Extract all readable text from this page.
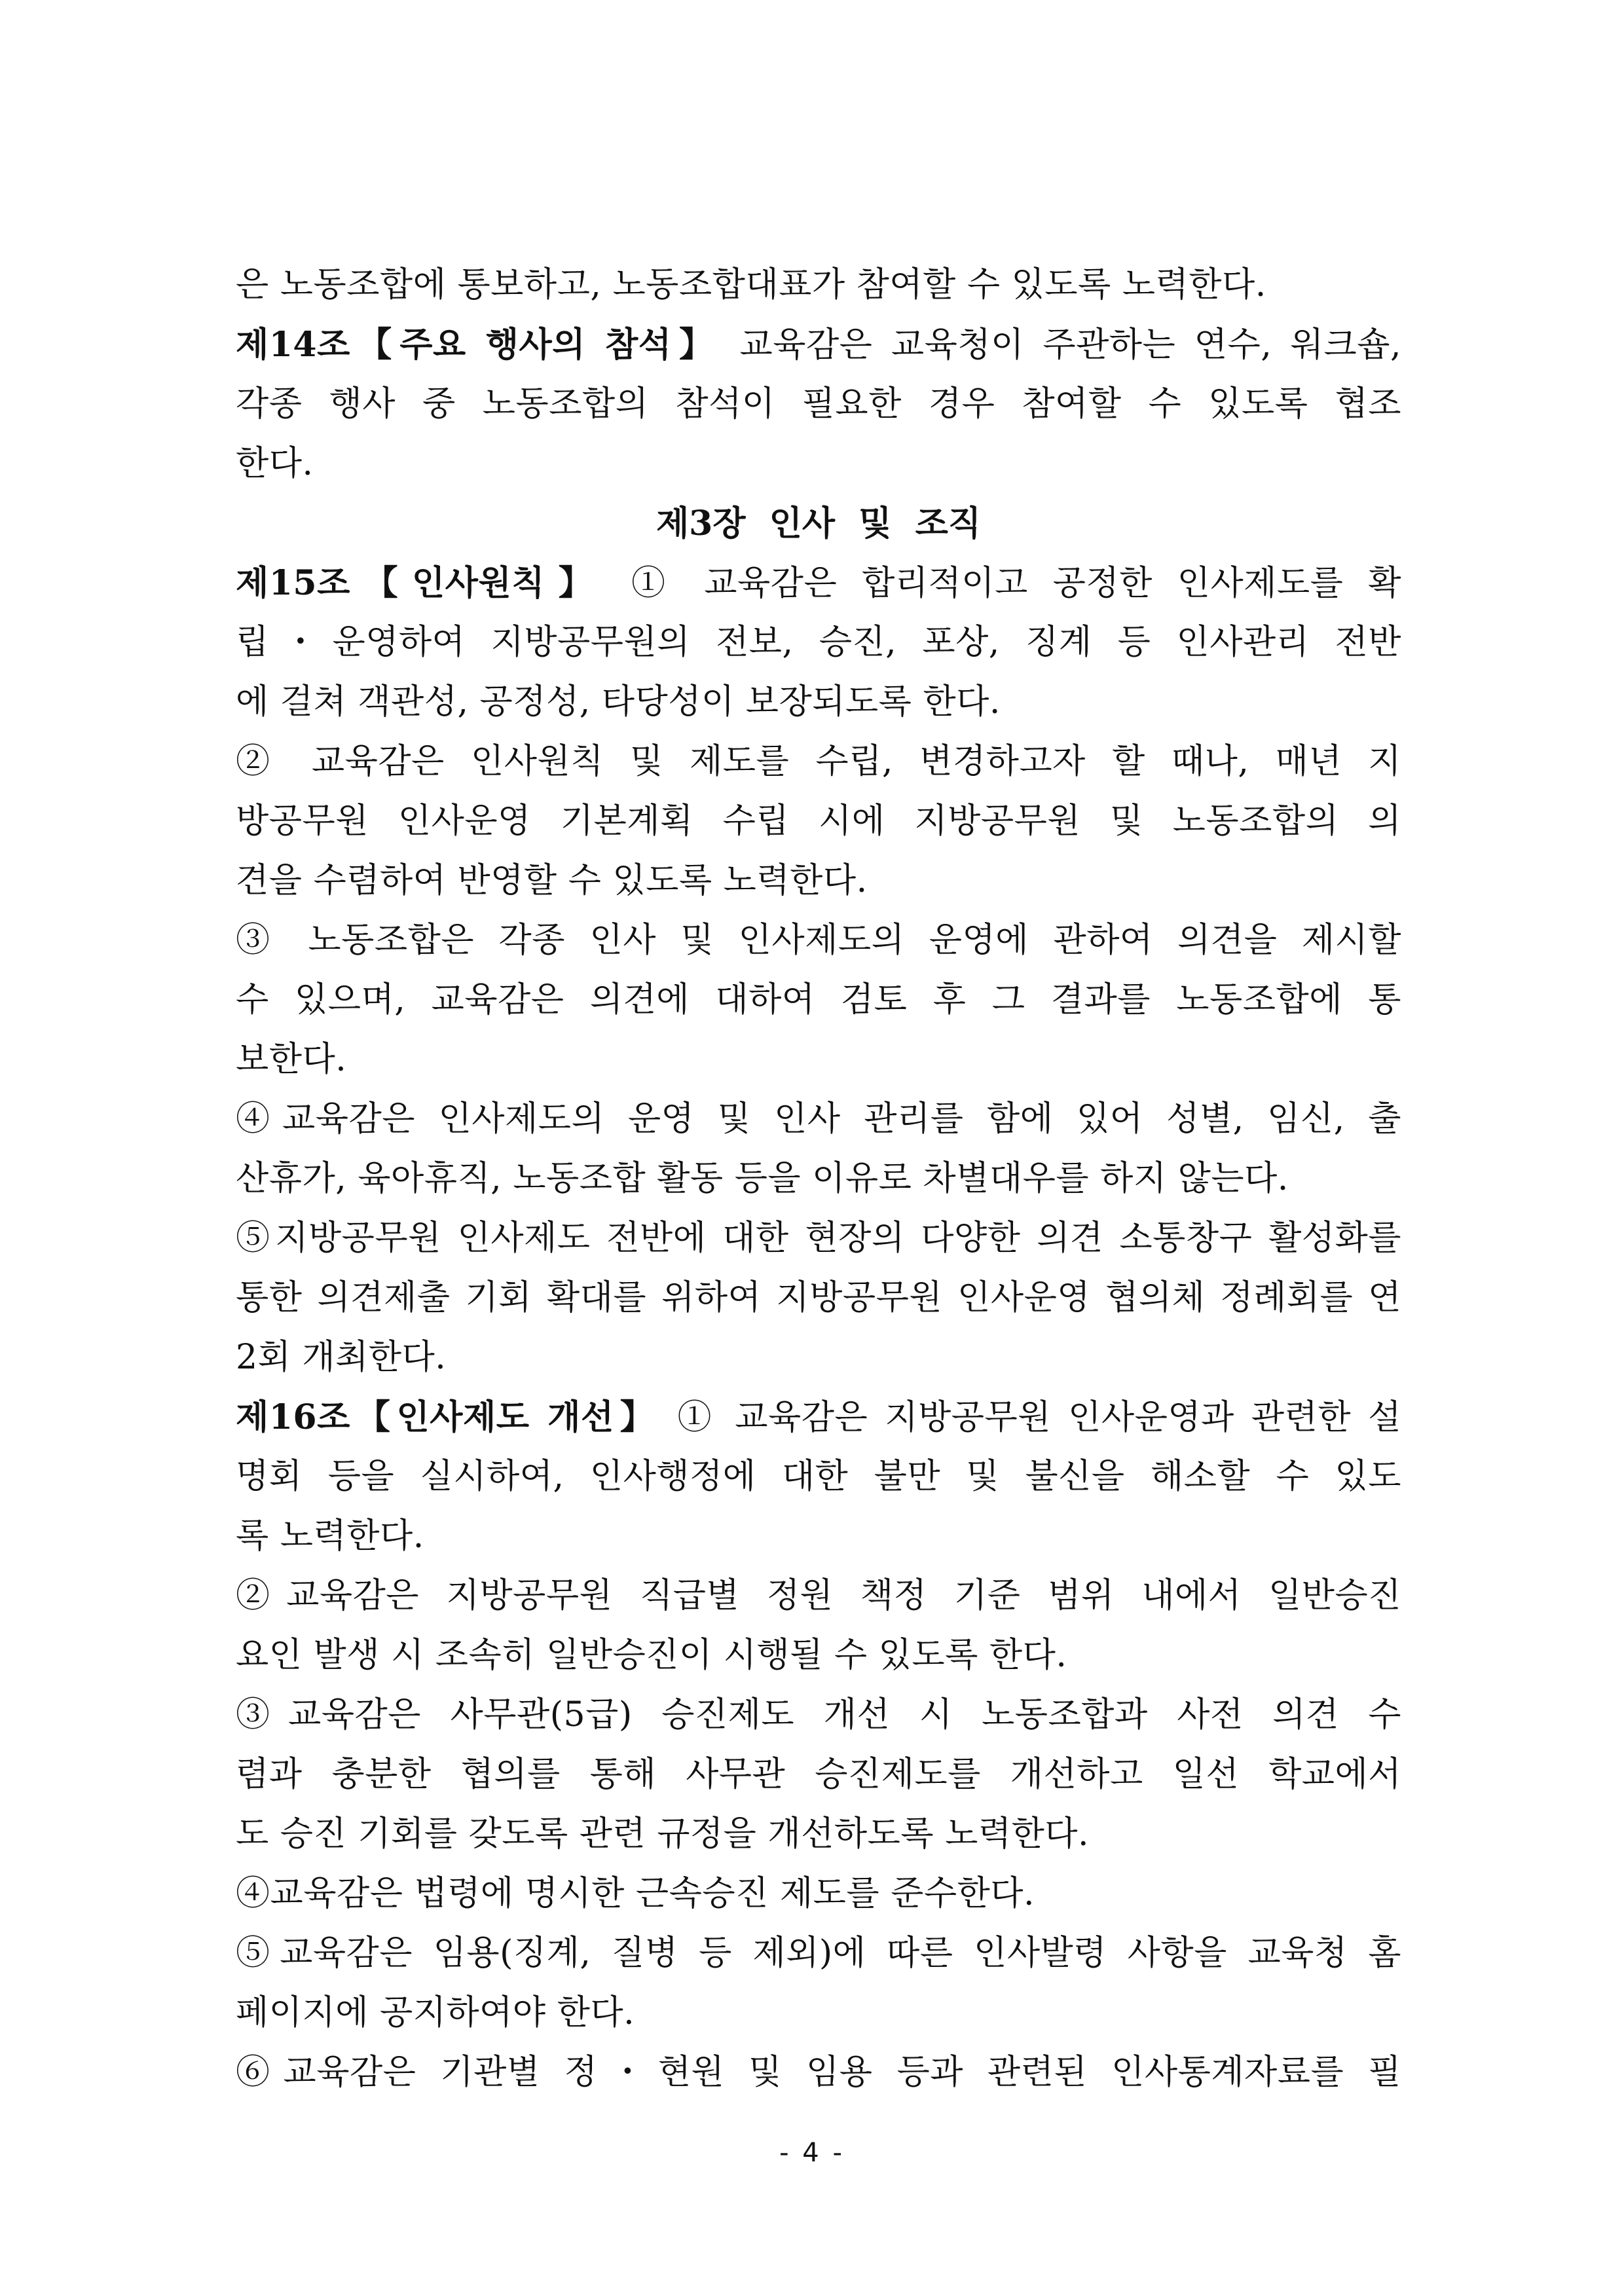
은 노동조합에 통보하고, 노동조합대표가 참여할 수 있도록 노력한다.
제14조【주요 행사의 참석】 교육감은 교육청이 주관하는 연수, 워크숍,
각종 행사 중 노동조합의 참석이 필요한 경우 참여할 수 있도록 협조
한다.
제3장 인사 및 조직
제15조【인사원칙】 ① 교육감은 합리적이고 공정한 인사제도를 확
립・운영하여 지방공무원의 전보, 승진, 포상, 징계 등 인사관리 전반
에 걸쳐 객관성, 공정성, 타당성이 보장되도록 한다.
② 교육감은 인사원칙 및 제도를 수립, 변경하고자 할 때나, 매년 지
방공무원 인사운영 기본계획 수립 시에 지방공무원 및 노동조합의 의
견을 수렴하여 반영할 수 있도록 노력한다.
③ 노동조합은 각종 인사 및 인사제도의 운영에 관하여 의견을 제시할
수 있으며, 교육감은 의견에 대하여 검토 후 그 결과를 노동조합에 통
보한다.
④교육감은 인사제도의 운영 및 인사 관리를 함에 있어 성별, 임신, 출
산휴가, 육아휴직, 노동조합 활동 등을 이유로 차별대우를 하지 않는다.
⑤지방공무원 인사제도 전반에 대한 현장의 다양한 의견 소통창구 활성화를
통한 의견제출 기회 확대를 위하여 지방공무원 인사운영 협의체 정례회를 연
2회 개최한다.
제16조【인사제도 개선】 ① 교육감은 지방공무원 인사운영과 관련한 설
명회 등을 실시하여, 인사행정에 대한 불만 및 불신을 해소할 수 있도
록 노력한다.
②교육감은 지방공무원 직급별 정원 책정 기준 범위 내에서 일반승진
요인 발생 시 조속히 일반승진이 시행될 수 있도록 한다.
③교육감은 사무관(5급) 승진제도 개선 시 노동조합과 사전 의견 수
렴과 충분한 협의를 통해 사무관 승진제도를 개선하고 일선 학교에서
도 승진 기회를 갖도록 관련 규정을 개선하도록 노력한다.
④교육감은 법령에 명시한 근속승진 제도를 준수한다.
⑤교육감은 임용(징계, 질병 등 제외)에 따른 인사발령 사항을 교육청 홈
페이지에 공지하여야 한다.
⑥교육감은 기관별 정・현원 및 임용 등과 관련된 인사통계자료를 필
- 4 -
